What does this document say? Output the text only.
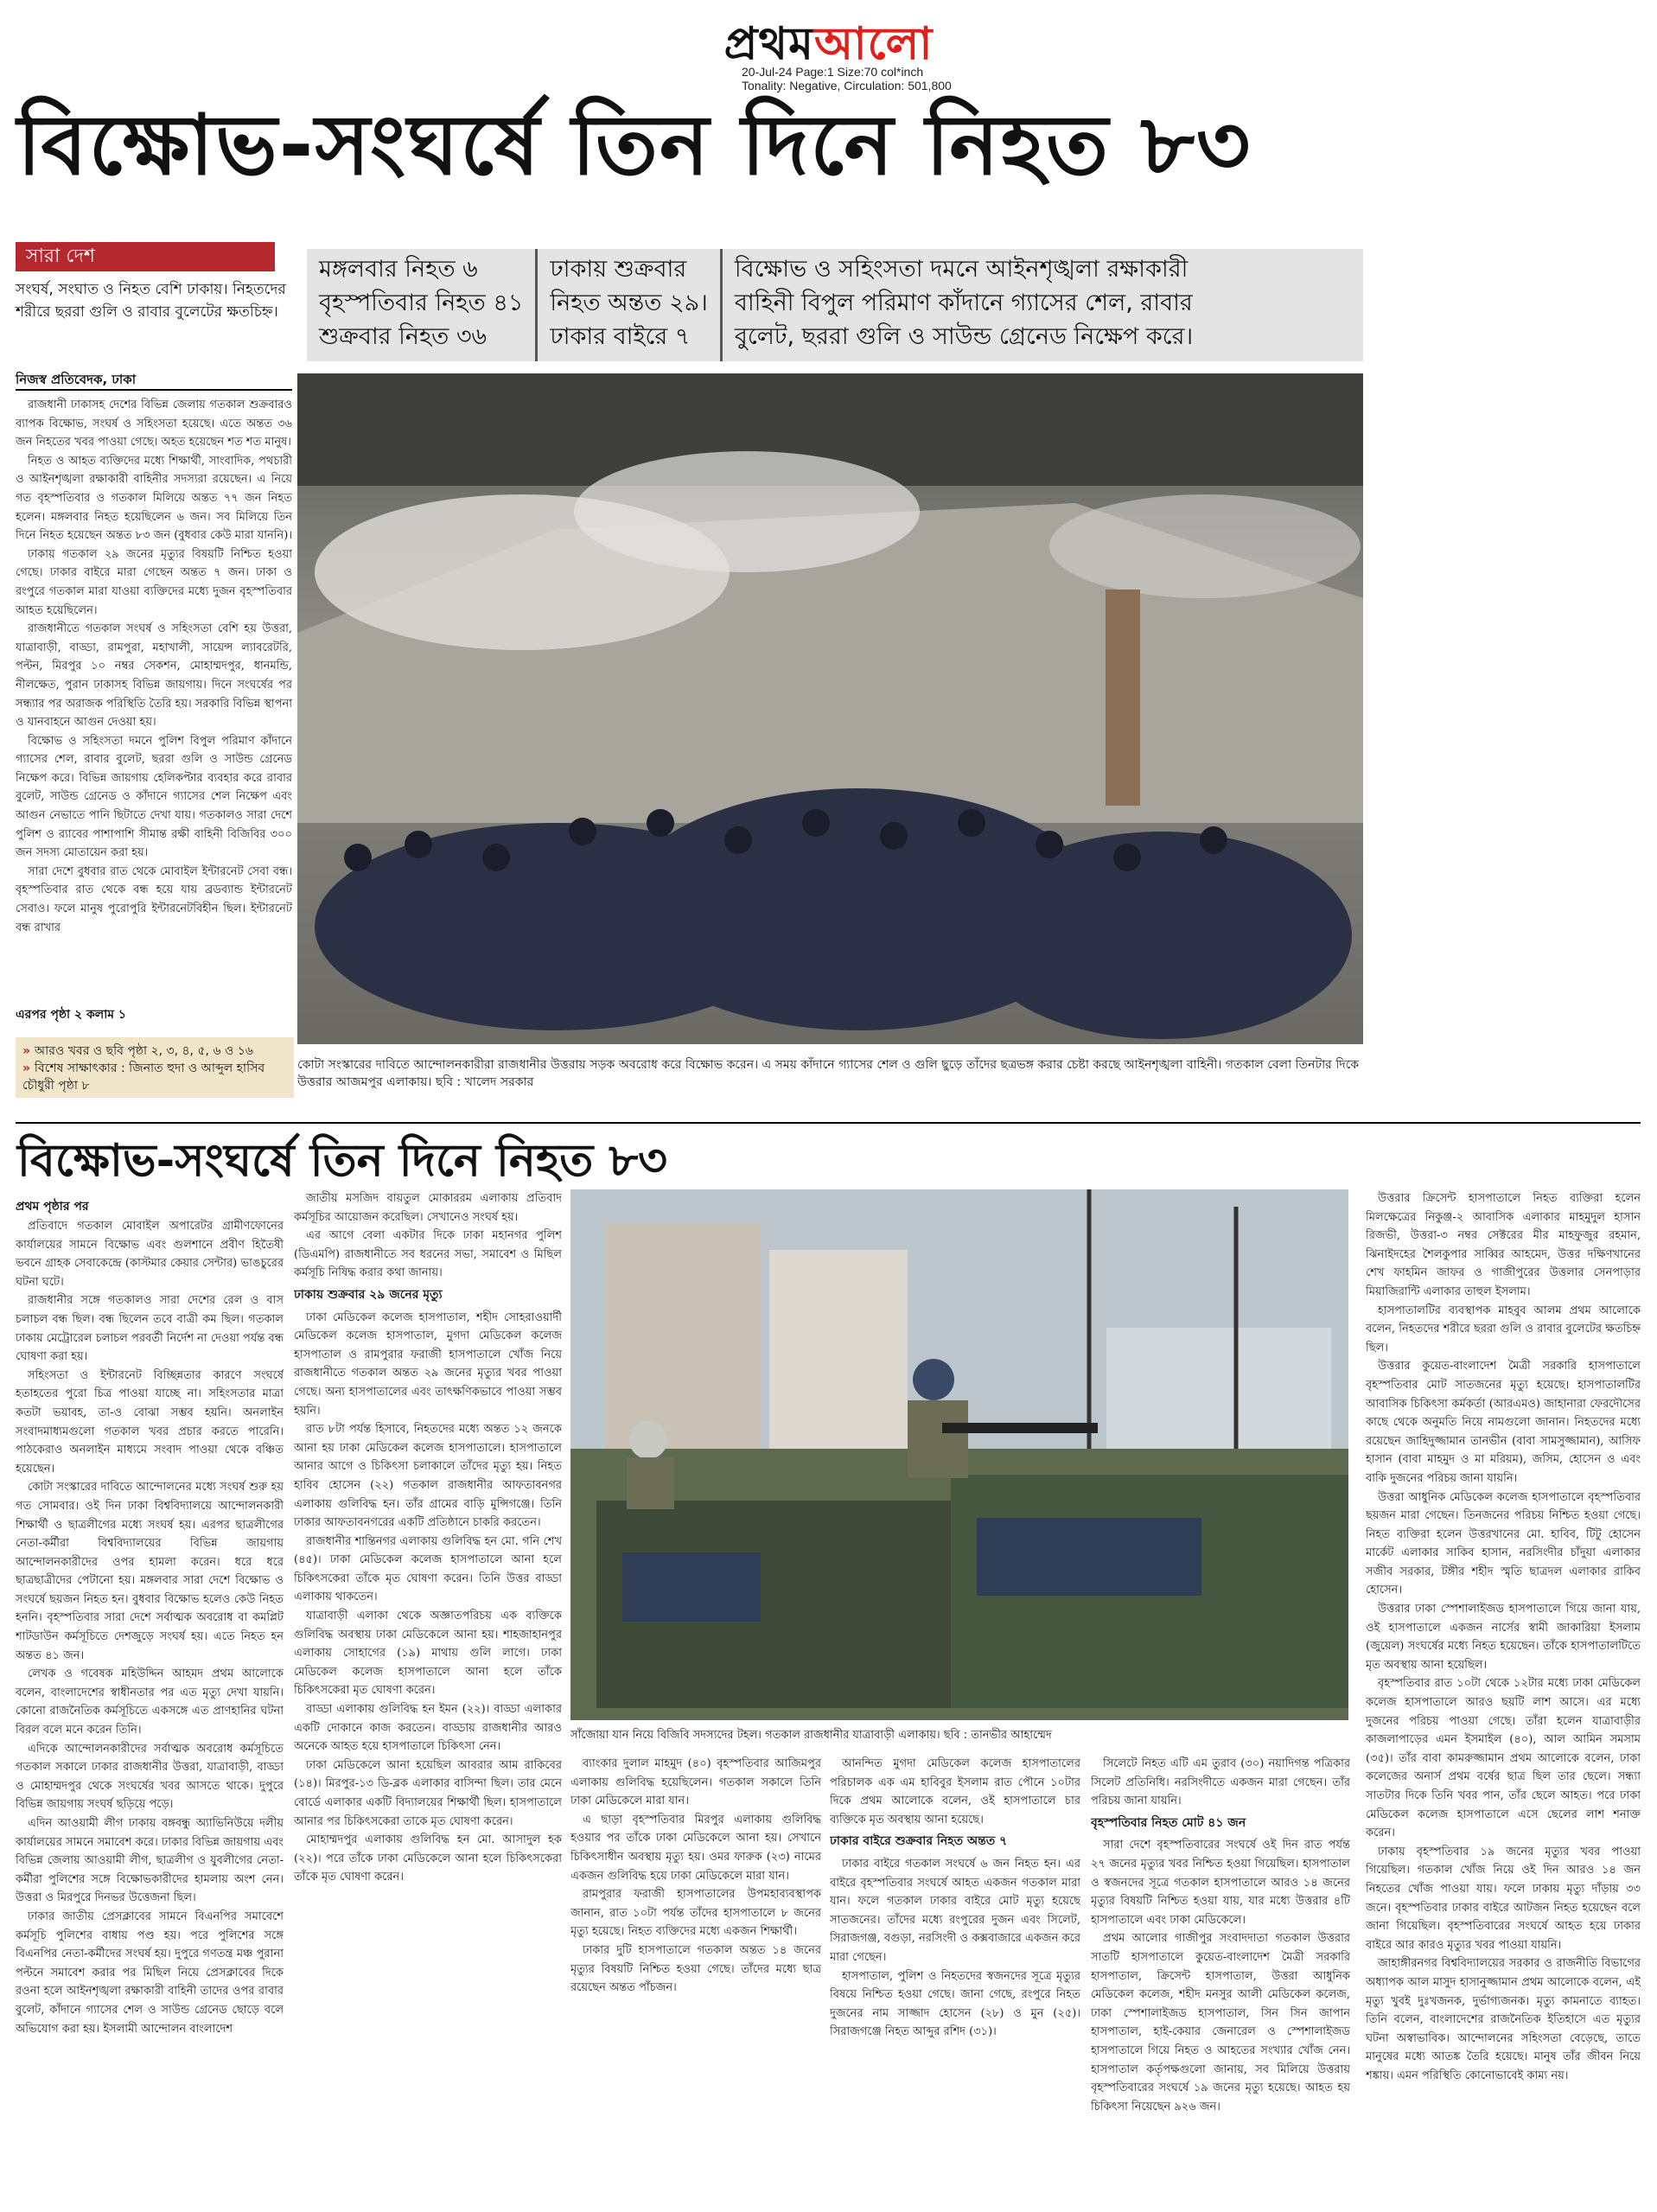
প্রথমআলো
20-Jul-24 Page:1 Size:70 col*inch
Tonality: Negative, Circulation: 501,800
বিক্ষোভ-সংঘর্ষে তিন দিনে নিহত ৮৩
সারা দেশ
সংঘর্ষ, সংঘাত ও নিহত বেশি ঢাকায়। নিহতদের শরীরে ছররা গুলি ও রাবার বুলেটের ক্ষতচিহ্ন।
মঙ্গলবার নিহত ৬
বৃহস্পতিবার নিহত ৪১
শুক্রবার নিহত ৩৬
ঢাকায় শুক্রবার
নিহত অন্তত ২৯।
ঢাকার বাইরে ৭
বিক্ষোভ ও সহিংসতা দমনে আইনশৃঙ্খলা রক্ষাকারী
বাহিনী বিপুল পরিমাণ কাঁদানে গ্যাসের শেল, রাবার
বুলেট, ছররা গুলি ও সাউন্ড গ্রেনেড নিক্ষেপ করে।
নিজস্ব প্রতিবেদক, ঢাকা

রাজধানী ঢাকাসহ দেশের বিভিন্ন জেলায় গতকাল শুক্রবারও ব্যাপক বিক্ষোভ, সংঘর্ষ ও সহিংসতা হয়েছে। এতে অন্তত ৩৬ জন নিহতের খবর পাওয়া গেছে। অহত হয়েছেন শত শত মানুষ।

নিহত ও আহত ব্যক্তিদের মধ্যে শিক্ষার্থী, সাংবাদিক, পথচারী ও আইনশৃঙ্খলা রক্ষাকারী বাহিনীর সদস্যরা রয়েছেন। এ নিয়ে গত বৃহস্পতিবার ও গতকাল মিলিয়ে অন্তত ৭৭ জন নিহত হলেন। মঙ্গলবার নিহত হয়েছিলেন ৬ জন। সব মিলিয়ে তিন দিনে নিহত হয়েছেন অন্তত ৮৩ জন (বুধবার কেউ মারা যাননি)।

ঢাকায় গতকাল ২৯ জনের মৃত্যুর বিষয়টি নিশ্চিত হওয়া গেছে। ঢাকার বাইরে মারা গেছেন অন্তত ৭ জন। ঢাকা ও রংপুরে গতকাল মারা যাওয়া ব্যক্তিদের মধ্যে দুজন বৃহস্পতিবার আহত হয়েছিলেন।

রাজধানীতে গতকাল সংঘর্ষ ও সহিংসতা বেশি হয় উত্তরা, যাত্রাবাড়ী, বাড্ডা, রামপুরা, মহাখালী, সায়েন্স ল্যাবরেটরি, পল্টন, মিরপুর ১০ নম্বর সেকশন, মোহাম্মদপুর, ধানমন্ডি, নীলক্ষেত, পুরান ঢাকাসহ বিভিন্ন জায়গায়। দিনে সংঘর্ষের পর সন্ধ্যার পর অরাজক পরিস্থিতি তৈরি হয়। সরকারি বিভিন্ন স্থাপনা ও যানবাহনে আগুন দেওয়া হয়।

বিক্ষোভ ও সহিংসতা দমনে পুলিশ বিপুল পরিমাণ কাঁদানে গ্যাসের শেল, রাবার বুলেট, ছররা গুলি ও সাউন্ড গ্রেনেড নিক্ষেপ করে। বিভিন্ন জায়গায় হেলিকপ্টার ব্যবহার করে রাবার বুলেট, সাউন্ড গ্রেনেড ও কাঁদানে গ্যাসের শেল নিক্ষেপ এবং আগুন নেভাতে পানি ছিটাতে দেখা যায়। গতকালও সারা দেশে পুলিশ ও র‍্যাবের পাশাপাশি সীমান্ত রক্ষী বাহিনী বিজিবির ৩০০ জন সদস্য মোতায়েন করা হয়।

সারা দেশে বুধবার রাত থেকে মোবাইল ইন্টারনেট সেবা বন্ধ। বৃহস্পতিবার রাত থেকে বন্ধ হয়ে যায় ব্রডব্যান্ড ইন্টারনেট সেবাও। ফলে মানুষ পুরোপুরি ইন্টারনেটবিহীন ছিল। ইন্টারনেট বন্ধ রাখার

এরপর পৃষ্ঠা ২ কলাম ১
» আরও খবর ও ছবি পৃষ্ঠা ২, ৩, ৪, ৫, ৬ ও ১৬
» বিশেষ সাক্ষাৎকার : জিনাত হুদা ও আব্দুল হাসিব চৌধুরী পৃষ্ঠা ৮
কোটা সংস্কারের দাবিতে আন্দোলনকারীরা রাজধানীর উত্তরায় সড়ক অবরোধ করে বিক্ষোভ করেন। এ সময় কাঁদানে গ্যাসের শেল ও গুলি ছুড়ে তাঁদের ছত্রভঙ্গ করার চেষ্টা করছে আইনশৃঙ্খলা বাহিনী। গতকাল বেলা তিনটার দিকে উত্তরার আজমপুর এলাকায়। ছবি : খালেদ সরকার
বিক্ষোভ-সংঘর্ষে তিন দিনে নিহত ৮৩
প্রথম পৃষ্ঠার পর

প্রতিবাদে গতকাল মোবাইল অপারেটর গ্রামীণফোনের কার্যালয়ের সামনে বিক্ষোভ এবং গুলশানে প্রবীণ হিতৈষী ভবনে গ্রাহক সেবাকেন্দ্রে (কাস্টমার কেয়ার সেন্টার) ভাঙচুরের ঘটনা ঘটে।

রাজধানীর সঙ্গে গতকালও সারা দেশের রেল ও বাস চলাচল বন্ধ ছিল। বন্ধ ছিলেন তবে বাত্রী কম ছিল। গতকাল ঢাকায় মেট্রোরেল চলাচল পরবর্তী নির্দেশ না দেওয়া পর্যন্ত বন্ধ ঘোষণা করা হয়।

সহিংসতা ও ইন্টারনেট বিচ্ছিন্নতার কারণে সংঘর্ষে হতাহতের পুরো চিত্র পাওয়া যাচ্ছে না। সহিংসতার মাত্রা কতটা ভয়াবহ, তা-ও বোঝা সম্ভব হয়নি। অনলাইন সংবাদমাধ্যমগুলো গতকাল খবর প্রচার করতে পারেনি। পাঠকেরাও অনলাইন মাধ্যমে সংবাদ পাওয়া থেকে বঞ্চিত হয়েছেন।

কোটা সংস্কারের দাবিতে আন্দোলনের মধ্যে সংঘর্ষ শুরু হয় গত সোমবার। ওই দিন ঢাকা বিশ্ববিদ্যালয়ে আন্দোলনকারী শিক্ষার্থী ও ছাত্রলীগের মধ্যে সংঘর্ষ হয়। এরপর ছাত্রলীগের নেতা-কর্মীরা বিশ্ববিদ্যালয়ের বিভিন্ন জায়গায় আন্দোলনকারীদের ওপর হামলা করেন। ধরে ধরে ছাত্রছাত্রীদের পেটানো হয়। মঙ্গলবার সারা দেশে বিক্ষোভ ও সংঘর্ষে ছয়জন নিহত হন। বুধবার বিক্ষোভ হলেও কেউ নিহত হননি। বৃহস্পতিবার সারা দেশে সর্বাত্মক অবরোধ বা কমপ্লিট শাটডাউন কর্মসূচিতে দেশজুড়ে সংঘর্ষ হয়। এতে নিহত হন অন্তত ৪১ জন।

লেখক ও গবেষক মহিউদ্দিন আহমদ প্রথম আলোকে বলেন, বাংলাদেশের স্বাধীনতার পর এত মৃত্যু দেখা যায়নি। কোনো রাজনৈতিক কর্মসূচিতে একসঙ্গে এত প্রাণহানির ঘটনা বিরল বলে মনে করেন তিনি।

এদিকে আন্দোলনকারীদের সর্বাত্মক অবরোধ কর্মসূচিতে গতকাল সকালে ঢাকার রাজধানীর উত্তরা, যাত্রাবাড়ী, বাড্ডা ও মোহাম্মদপুর থেকে সংঘর্ষের খবর আসতে থাকে। দুপুরে বিভিন্ন জায়গায় সংঘর্ষ ছড়িয়ে পড়ে।

এদিন আওয়ামী লীগ ঢাকায় বঙ্গবন্ধু অ্যাভিনিউয়ে দলীয় কার্যালয়ের সামনে সমাবেশ করে। ঢাকার বিভিন্ন জায়গায় এবং বিভিন্ন জেলায় আওয়ামী লীগ, ছাত্রলীগ ও যুবলীগের নেতা-কর্মীরা পুলিশের সঙ্গে বিক্ষোভকারীদের হামলায় অংশ নেন। উত্তরা ও মিরপুরে দিনভর উত্তেজনা ছিল।

ঢাকার জাতীয় প্রেসক্লাবের সামনে বিএনপির সমাবেশে কর্মসূচি পুলিশের বাধায় পণ্ড হয়। পরে পুলিশের সঙ্গে বিএনপির নেতা-কর্মীদের সংঘর্ষ হয়। দুপুরে গণতন্ত্র মঞ্চ পুরানা পল্টনে সমাবেশ করার পর মিছিল নিয়ে প্রেসক্লাবের দিকে রওনা হলে আইনশৃঙ্খলা রক্ষাকারী বাহিনী তাদের ওপর রাবার বুলেট, কাঁদানে গ্যাসের শেল ও সাউন্ড গ্রেনেড ছোড়ে বলে অভিযোগ করা হয়। ইসলামী আন্দোলন বাংলাদেশ

জাতীয় মসজিদ বায়তুল মোকাররম এলাকায় প্রতিবাদ কর্মসূচির আয়োজন করেছিল। সেখানেও সংঘর্ষ হয়।

এর আগে বেলা একটার দিকে ঢাকা মহানগর পুলিশ (ডিএমপি) রাজধানীতে সব ধরনের সভা, সমাবেশ ও মিছিল কর্মসূচি নিষিদ্ধ করার কথা জানায়।

ঢাকায় শুক্রবার ২৯ জনের মৃত্যু

ঢাকা মেডিকেল কলেজ হাসপাতাল, শহীদ সোহরাওয়ার্দী মেডিকেল কলেজ হাসপাতাল, মুগদা মেডিকেল কলেজ হাসপাতাল ও রামপুরার ফরাজী হাসপাতালে খোঁজ নিয়ে রাজধানীতে গতকাল অন্তত ২৯ জনের মৃত্যুর খবর পাওয়া গেছে। অন্য হাসপাতালের এবং তাৎক্ষণিকভাবে পাওয়া সম্ভব হয়নি।

রাত ৮টা পর্যন্ত হিসাবে, নিহতদের মধ্যে অন্তত ১২ জনকে আনা হয় ঢাকা মেডিকেল কলেজ হাসপাতালে। হাসপাতালে আনার আগে ও চিকিৎসা চলাকালে তাঁদের মৃত্যু হয়। নিহত হাবিব হোসেন (২২) গতকাল রাজধানীর আফতাবনগর এলাকায় গুলিবিদ্ধ হন। তাঁর গ্রামের বাড়ি মুন্সিগঞ্জে। তিনি ঢাকার আফতাবনগরের একটি প্রতিষ্ঠানে চাকরি করতেন।

রাজধানীর শান্তিনগর এলাকায় গুলিবিদ্ধ হন মো. গনি শেখ (৪৫)। ঢাকা মেডিকেল কলেজ হাসপাতালে আনা হলে চিকিৎসকেরা তাঁকে মৃত ঘোষণা করেন। তিনি উত্তর বাড্ডা এলাকায় থাকতেন।

যাত্রাবাড়ী এলাকা থেকে অজ্ঞাতপরিচয় এক ব্যক্তিকে গুলিবিদ্ধ অবস্থায় ঢাকা মেডিকেলে আনা হয়। শাহজাহানপুর এলাকায় সোহাগের (১৯) মাথায় গুলি লাগে। ঢাকা মেডিকেল কলেজ হাসপাতালে আনা হলে তাঁকে চিকিৎসকেরা মৃত ঘোষণা করেন।

বাড্ডা এলাকায় গুলিবিদ্ধ হন ইমন (২২)। বাড্ডা এলাকার একটি দোকানে কাজ করতেন। বাড্ডায় রাজধানীর আরও অনেকে আহত হয়ে হাসপাতালে চিকিৎসা নেন।

ঢাকা মেডিকেলে আনা হয়েছিল আবরার আম রাকিবের (১৪)। মিরপুর-১৩ ডি-ব্লক এলাকার বাসিন্দা ছিল। তার মেনে বোর্ডে এলাকার একটি বিদ্যালয়ের শিক্ষার্থী ছিল। হাসপাতালে আনার পর চিকিৎসকেরা তাকে মৃত ঘোষণা করেন।

মোহাম্মদপুর এলাকায় গুলিবিদ্ধ হন মো. আসাদুল হক (২২)। পরে তাঁকে ঢাকা মেডিকেলে আনা হলে চিকিৎসকেরা তাঁকে মৃত ঘোষণা করেন।

সাঁজোয়া যান নিয়ে বিজিবি সদস্যদের টহল। গতকাল রাজধানীর যাত্রাবাড়ী এলাকায়। ছবি : তানভীর আহাম্মেদ

ব্যাংকার দুলাল মাহমুদ (৪০) বৃহস্পতিবার আজিমপুর এলাকায় গুলিবিদ্ধ হয়েছিলেন। গতকাল সকালে তিনি ঢাকা মেডিকেলে মারা যান।

এ ছাড়া বৃহস্পতিবার মিরপুর এলাকায় গুলিবিদ্ধ হওয়ার পর তাঁকে ঢাকা মেডিকেলে আনা হয়। সেখানে চিকিৎসাধীন অবস্থায় মৃত্যু হয়। ওমর ফারুক (২৩) নামের একজন গুলিবিদ্ধ হয়ে ঢাকা মেডিকেলে মারা যান।

রামপুরার ফরাজী হাসপাতালের উপমহাব্যবস্থাপক জানান, রাত ১০টা পর্যন্ত তাঁদের হাসপাতালে ৮ জনের মৃত্যু হয়েছে। নিহত ব্যক্তিদের মধ্যে একজন শিক্ষার্থী।

ঢাকার দুটি হাসপাতালে গতকাল অন্তত ১৪ জনের মৃত্যুর বিষয়টি নিশ্চিত হওয়া গেছে। তাঁদের মধ্যে ছাত্র রয়েছেন অন্তত পাঁচজন।

আনন্দিত মুগদা মেডিকেল কলেজ হাসপাতালের পরিচালক এক এম হাবিবুর ইসলাম রাত পৌনে ১০টার দিকে প্রথম আলোকে বলেন, ওই হাসপাতালে চার ব্যক্তিকে মৃত অবস্থায় আনা হয়েছে।

ঢাকার বাইরে শুক্রবার নিহত অন্তত ৭

ঢাকার বাইরে গতকাল সংঘর্ষে ৬ জন নিহত হন। এর বাইরে বৃহস্পতিবার সংঘর্ষে আহত একজন গতকাল মারা যান। ফলে গতকাল ঢাকার বাইরে মোট মৃত্যু হয়েছে সাতজনের। তাঁদের মধ্যে রংপুরের দুজন এবং সিলেট, সিরাজগঞ্জ, বগুড়া, নরসিংদী ও কক্সবাজারে একজন করে মারা গেছেন।

হাসপাতাল, পুলিশ ও নিহতদের স্বজনদের সূত্রে মৃত্যুর বিষয়ে নিশ্চিত হওয়া গেছে। জানা গেছে, রংপুরে নিহত দুজনের নাম সাজ্জাদ হোসেন (২৮) ও মুন (২৫)। সিরাজগঞ্জে নিহত আব্দুর রশিদ (৩১)।

সিলেটে নিহত এটি এম তুরাব (৩০) নয়াদিগন্ত পত্রিকার সিলেট প্রতিনিধি। নরসিংদীতে একজন মারা গেছেন। তাঁর পরিচয় জানা যায়নি।

বৃহস্পতিবার নিহত মোট ৪১ জন

সারা দেশে বৃহস্পতিবারের সংঘর্ষে ওই দিন রাত পর্যন্ত ২৭ জনের মৃত্যুর খবর নিশ্চিত হওয়া গিয়েছিল। হাসপাতাল ও স্বজনদের সূত্রে গতকাল হাসপাতালে আরও ১৪ জনের মৃত্যুর বিষয়টি নিশ্চিত হওয়া যায়, যার মধ্যে উত্তরার ৪টি হাসপাতালে এবং ঢাকা মেডিকেলে।

প্রথম আলোর গাজীপুর সংবাদদাতা গতকাল উত্তরার সাতটি হাসপাতালে কুয়েত-বাংলাদেশ মৈত্রী সরকারি হাসপাতাল, ক্রিসেন্ট হাসপাতাল, উত্তরা আধুনিক মেডিকেল কলেজ, শহীদ মনসুর আলী মেডিকেল কলেজ, ঢাকা স্পেশালাইজড হাসপাতাল, সিন সিন জাপান হাসপাতাল, হাই-কেয়ার জেনারেল ও স্পেশালাইজড হাসপাতালে গিয়ে নিহত ও আহতের সংখ্যার খোঁজ নেন। হাসপাতাল কর্তৃপক্ষগুলো জানায়, সব মিলিয়ে উত্তরায় বৃহস্পতিবারের সংঘর্ষে ১৯ জনের মৃত্যু হয়েছে। আহত হয় চিকিৎসা নিয়েছেন ৯২৬ জন।

উত্তরার ক্রিসেন্ট হাসপাতালে নিহত ব্যক্তিরা হলেন মিলক্ষেত্রের নিকুঞ্জ-২ আবাসিক এলাকার মাহমুদুল হাসান রিজভী, উত্তরা-৩ নম্বর সেক্টরের মীর মাহফুজুর রহমান, ঝিনাইদহের শৈলকুপার সাব্বির আহমেদ, উত্তর দক্ষিণখানের শেখ ফাহমিন জাফর ও গাজীপুরের উত্তলার সেনপাড়ার মিয়াজিরান্টি এলাকার তাহুল ইসলাম।

হাসপাতালটির ব্যবস্থাপক মাহবুব আলম প্রথম আলোকে বলেন, নিহতদের শরীরে ছররা গুলি ও রাবার বুলেটের ক্ষতচিহ্ন ছিল।

উত্তরার কুয়েত-বাংলাদেশ মৈত্রী সরকারি হাসপাতালে বৃহস্পতিবার মোট সাতজনের মৃত্যু হয়েছে। হাসপাতালটির আবাসিক চিকিৎসা কর্মকর্তা (আরএমও) জাহানারা ফেরদৌসের কাছে থেকে অনুমতি নিয়ে নামগুলো জানান। নিহতদের মধ্যে রয়েছেন জাহিদুজ্জামান তানভীন (বাবা সামসুজ্জামান), আসিফ হাসান (বাবা মাহমুদ ও মা মরিয়ম), জসিম, হোসেন ও এবং বাকি দুজনের পরিচয় জানা যায়নি।

উত্তরা আধুনিক মেডিকেল কলেজ হাসপাতালে বৃহস্পতিবার ছয়জন মারা গেছেন। তিনজনের পরিচয় নিশ্চিত হওয়া গেছে। নিহত ব্যক্তিরা হলেন উত্তরখানের মো. হাবিব, টিটু হোসেন মার্কেট এলাকার সাকিব হাসান, নরসিংদীর চাঁদুয়া এলাকার সজীব সরকার, টঙ্গীর শহীদ স্মৃতি ছাত্রদল এলাকার রাকিব হোসেন।

উত্তরার ঢাকা স্পেশালাইজড হাসপাতালে গিয়ে জানা যায়, ওই হাসপাতালে একজন নার্সের স্বামী জাকারিয়া ইসলাম (জুয়েল) সংঘর্ষের মধ্যে নিহত হয়েছেন। তাঁকে হাসপাতালটিতে মৃত অবস্থায় আনা হয়েছিল।

বৃহস্পতিবার রাত ১০টা থেকে ১২টার মধ্যে ঢাকা মেডিকেল কলেজ হাসপাতালে আরও ছয়টি লাশ আসে। এর মধ্যে দুজনের পরিচয় পাওয়া গেছে। তাঁরা হলেন যাত্রাবাড়ীর কাজলাপাড়ের এমন ইসমাইল (৪০), আল আমিন সমসাম (৩৫)। তাঁর বাবা কামরুজ্জামান প্রথম আলোকে বলেন, ঢাকা কলেজের অনার্স প্রথম বর্ষের ছাত্র ছিল তার ছেলে। সন্ধ্যা সাতটার দিকে তিনি খবর পান, তাঁর ছেলে আহত। পরে ঢাকা মেডিকেল কলেজ হাসপাতালে এসে ছেলের লাশ শনাক্ত করেন।

ঢাকায় বৃহস্পতিবার ১৯ জনের মৃত্যুর খবর পাওয়া গিয়েছিল। গতকাল খোঁজ নিয়ে ওই দিন আরও ১৪ জন নিহতের খোঁজ পাওয়া যায়। ফলে ঢাকায় মৃত্যু দাঁড়ায় ৩৩ জনে। বৃহস্পতিবার ঢাকার বাইরে আটজন নিহত হয়েছেন বলে জানা গিয়েছিল। বৃহস্পতিবারের সংঘর্ষে আহত হয়ে ঢাকার বাইরে আর কারও মৃত্যুর খবর পাওয়া যায়নি।

জাহাঙ্গীরনগর বিশ্ববিদ্যালয়ের সরকার ও রাজনীতি বিভাগের অধ্যাপক আল মাসুদ হাসানুজ্জামান প্রথম আলোকে বলেন, এই মৃত্যু খুবই দুঃখজনক, দুর্ভাগ্যজনক। মৃত্যু কামনাতে ব্যাহত। তিনি বলেন, বাংলাদেশের রাজনৈতিক ইতিহাসে এত মৃত্যুর ঘটনা অস্বাভাবিক। আন্দোলনের সহিংসতা বেড়েছে, তাতে মানুষের মধ্যে আতঙ্ক তৈরি হয়েছে। মানুষ তাঁর জীবন নিয়ে শঙ্কায়। এমন পরিস্থিতি কোনোভাবেই কাম্য নয়।
